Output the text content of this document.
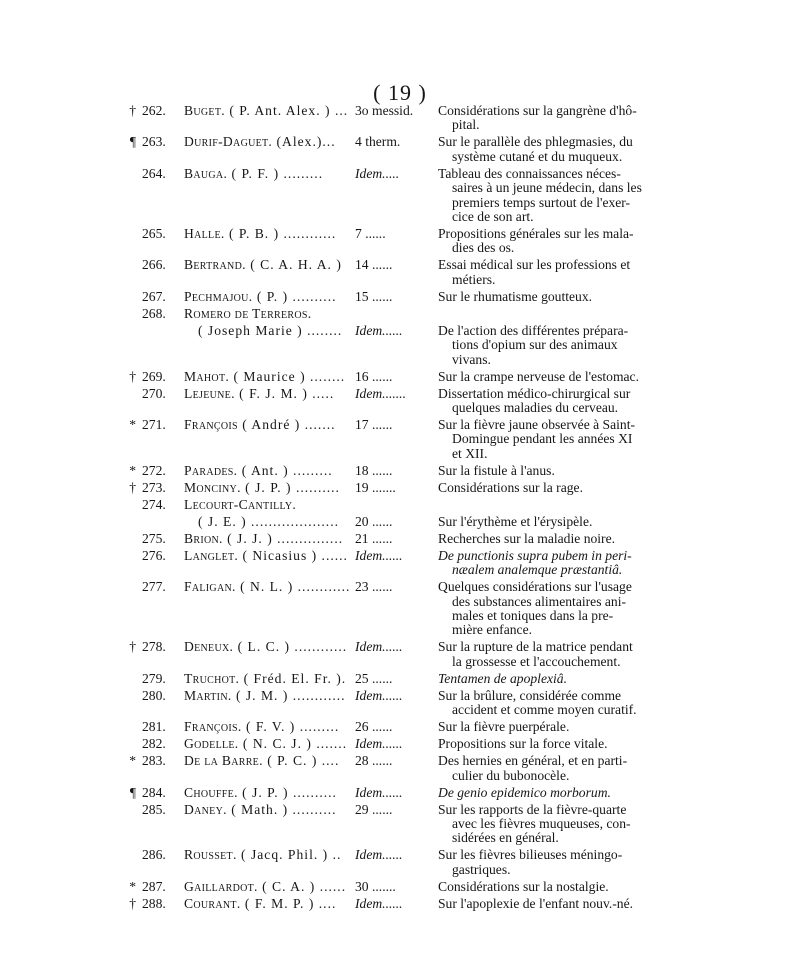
( 19 )
† 262. Buget. ( P. Ant. Alex. ) ... 3o messid.	Considérations sur la gangrène d'hô-
pital.
¶ 263. Durif-Daguet. (Alex.)...	4 therm.	Sur le parallèle des phlegmasies, du
système cutané et du muqueux.
264. Bauga. ( P. F. ) .........	Idem.....	Tableau des connaissances néces-
saires à un jeune médecin, dans les
premiers temps surtout de l'exer-
cice de son art.
265. Halle. ( P. B. ) ............	7 ......	Propositions générales sur les mala-
dies des os.
266. Bertrand. ( C. A. H. A. ) 14 ......	Essai médical sur les professions et
métiers.
267. Pechmajou. ( P. ) ..........	15 ......	Sur le rhumatisme goutteux.
268. Romero de Terreros.
( Joseph Marie ) ........ Idem......	De l'action des différentes prépara-
tions d'opium sur des animaux
vivans.
† 269. Mahot. ( Maurice ) ........ 16 ......	Sur la crampe nerveuse de l'estomac.
270. Lejeune. ( F. J. M. ) .....	Idem.......	Dissertation médico-chirurgical sur
quelques maladies du cerveau.
* 271. François ( André ) .......	17 ......	Sur la fièvre jaune observée à Saint-
Domingue pendant les années XI
et XII.
* 272. Parades. ( Ant. ) .........	18 ......	Sur la fistule à l'anus.
† 273. Monciny. ( J. P. ) ..........	19 .......	Considérations sur la rage.
274. Lecourt-Cantilly.
( J. E. ) ....................	20 ......	Sur l'érythème et l'érysipèle.
275. Brion. ( J. J. ) ............... 21 ......	Recherches sur la maladie noire.
276. Langlet. ( Nicasius ) ...... Idem......	De punctionis supra pubem in peri-
næalem analemque præstantiâ.
277. Faligan. ( N. L. ) ............ 23 ......	Quelques considérations sur l'usage
des substances alimentaires ani-
males et toniques dans la pre-
mière enfance.
† 278. Deneux. ( L. C. ) ............ Idem......	Sur la rupture de la matrice pendant
la grossesse et l'accouchement.
279. Truchot. ( Fréd. El. Fr. ). 25 ......	Tentamen de apoplexiâ.
280. Martin. ( J. M. ) ............ Idem......	Sur la brûlure, considérée comme
accident et comme moyen curatif.
281. François. ( F. V. ) .........	26 ......	Sur la fièvre puerpérale.
282. Godelle. ( N. C. J. ) ....... Idem......	Propositions sur la force vitale.
* 283. De la Barre. ( P. C. ) ....	28 ......	Des hernies en général, et en parti-
culier du bubonocèle.
¶ 284. Chouffe. ( J. P. ) ..........	Idem......	De genio epidemico morborum.
285. Daney. ( Math. ) ..........	29 ......	Sur les rapports de la fièvre-quarte
avec les fièvres muqueuses, con-
sidérées en général.
286. Rousset. ( Jacq. Phil. ) ..	Idem......	Sur les fièvres bilieuses méningo-
gastriques.
* 287. Gaillardot. ( C. A. ) ...... 30 .......	Considérations sur la nostalgie.
† 288. Courant. ( F. M. P. ) ....	Idem......	Sur l'apoplexie de l'enfant nouv.-né.
